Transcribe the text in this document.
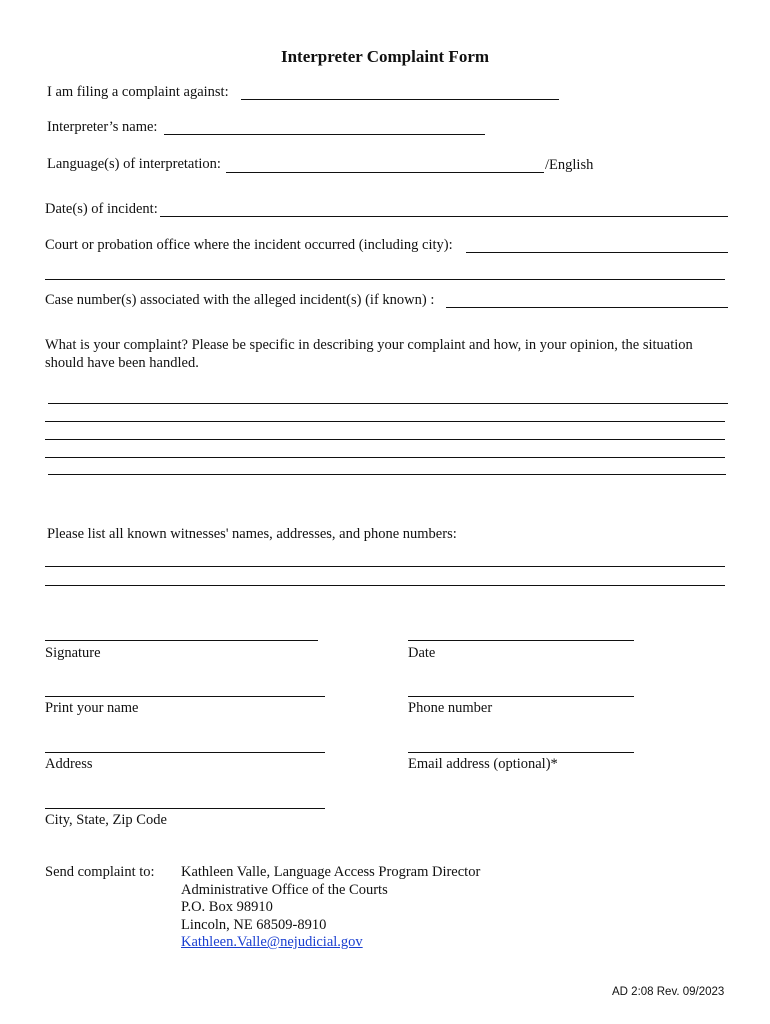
Interpreter Complaint Form
I am filing a complaint against:
Interpreter’s name:
Language(s) of interpretation:	/English
Date(s) of incident:
Court or probation office where the incident occurred (including city):
Case number(s) associated with the alleged incident(s) (if known) :
What is your complaint? Please be specific in describing your complaint and how, in your opinion, the situation should have been handled.
Please list all known witnesses' names, addresses, and phone numbers:
Signature	Date
Print your name	Phone number
Address	Email address (optional)*
City, State, Zip Code
Send complaint to: Kathleen Valle, Language Access Program Director
Administrative Office of the Courts
P.O. Box 98910
Lincoln, NE 68509-8910
Kathleen.Valle@nejudicial.gov
AD 2:08 Rev. 09/2023
